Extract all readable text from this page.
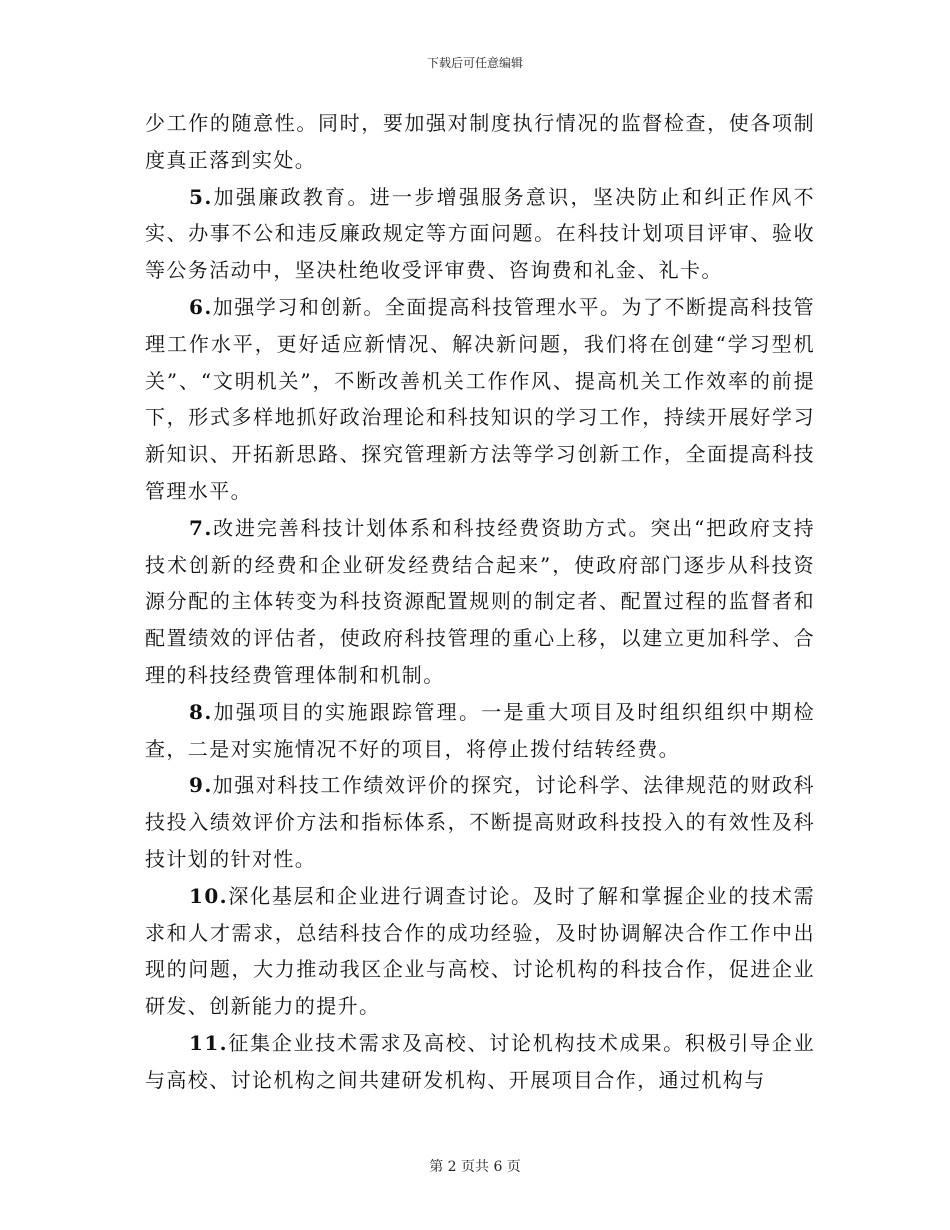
下载后可任意编辑

少工作的随意性。同时，要加强对制度执行情况的监督检查，使各项制度真正落到实处。

5.加强廉政教育。进一步增强服务意识，坚决防止和纠正作风不实、办事不公和违反廉政规定等方面问题。在科技计划项目评审、验收等公务活动中，坚决杜绝收受评审费、咨询费和礼金、礼卡。

6.加强学习和创新。全面提高科技管理水平。为了不断提高科技管理工作水平，更好适应新情况、解决新问题，我们将在创建“学习型机关”、“文明机关”，不断改善机关工作作风、提高机关工作效率的前提下，形式多样地抓好政治理论和科技知识的学习工作，持续开展好学习新知识、开拓新思路、探究管理新方法等学习创新工作，全面提高科技管理水平。

7.改进完善科技计划体系和科技经费资助方式。突出“把政府支持技术创新的经费和企业研发经费结合起来”，使政府部门逐步从科技资源分配的主体转变为科技资源配置规则的制定者、配置过程的监督者和配置绩效的评估者，使政府科技管理的重心上移，以建立更加科学、合理的科技经费管理体制和机制。

8.加强项目的实施跟踪管理。一是重大项目及时组织组织中期检查，二是对实施情况不好的项目，将停止拨付结转经费。

9.加强对科技工作绩效评价的探究，讨论科学、法律规范的财政科技投入绩效评价方法和指标体系，不断提高财政科技投入的有效性及科技计划的针对性。

10.深化基层和企业进行调查讨论。及时了解和掌握企业的技术需求和人才需求，总结科技合作的成功经验，及时协调解决合作工作中出现的问题，大力推动我区企业与高校、讨论机构的科技合作，促进企业研发、创新能力的提升。

11.征集企业技术需求及高校、讨论机构技术成果。积极引导企业与高校、讨论机构之间共建研发机构、开展项目合作，通过机构与

第 2 页共 6 页
